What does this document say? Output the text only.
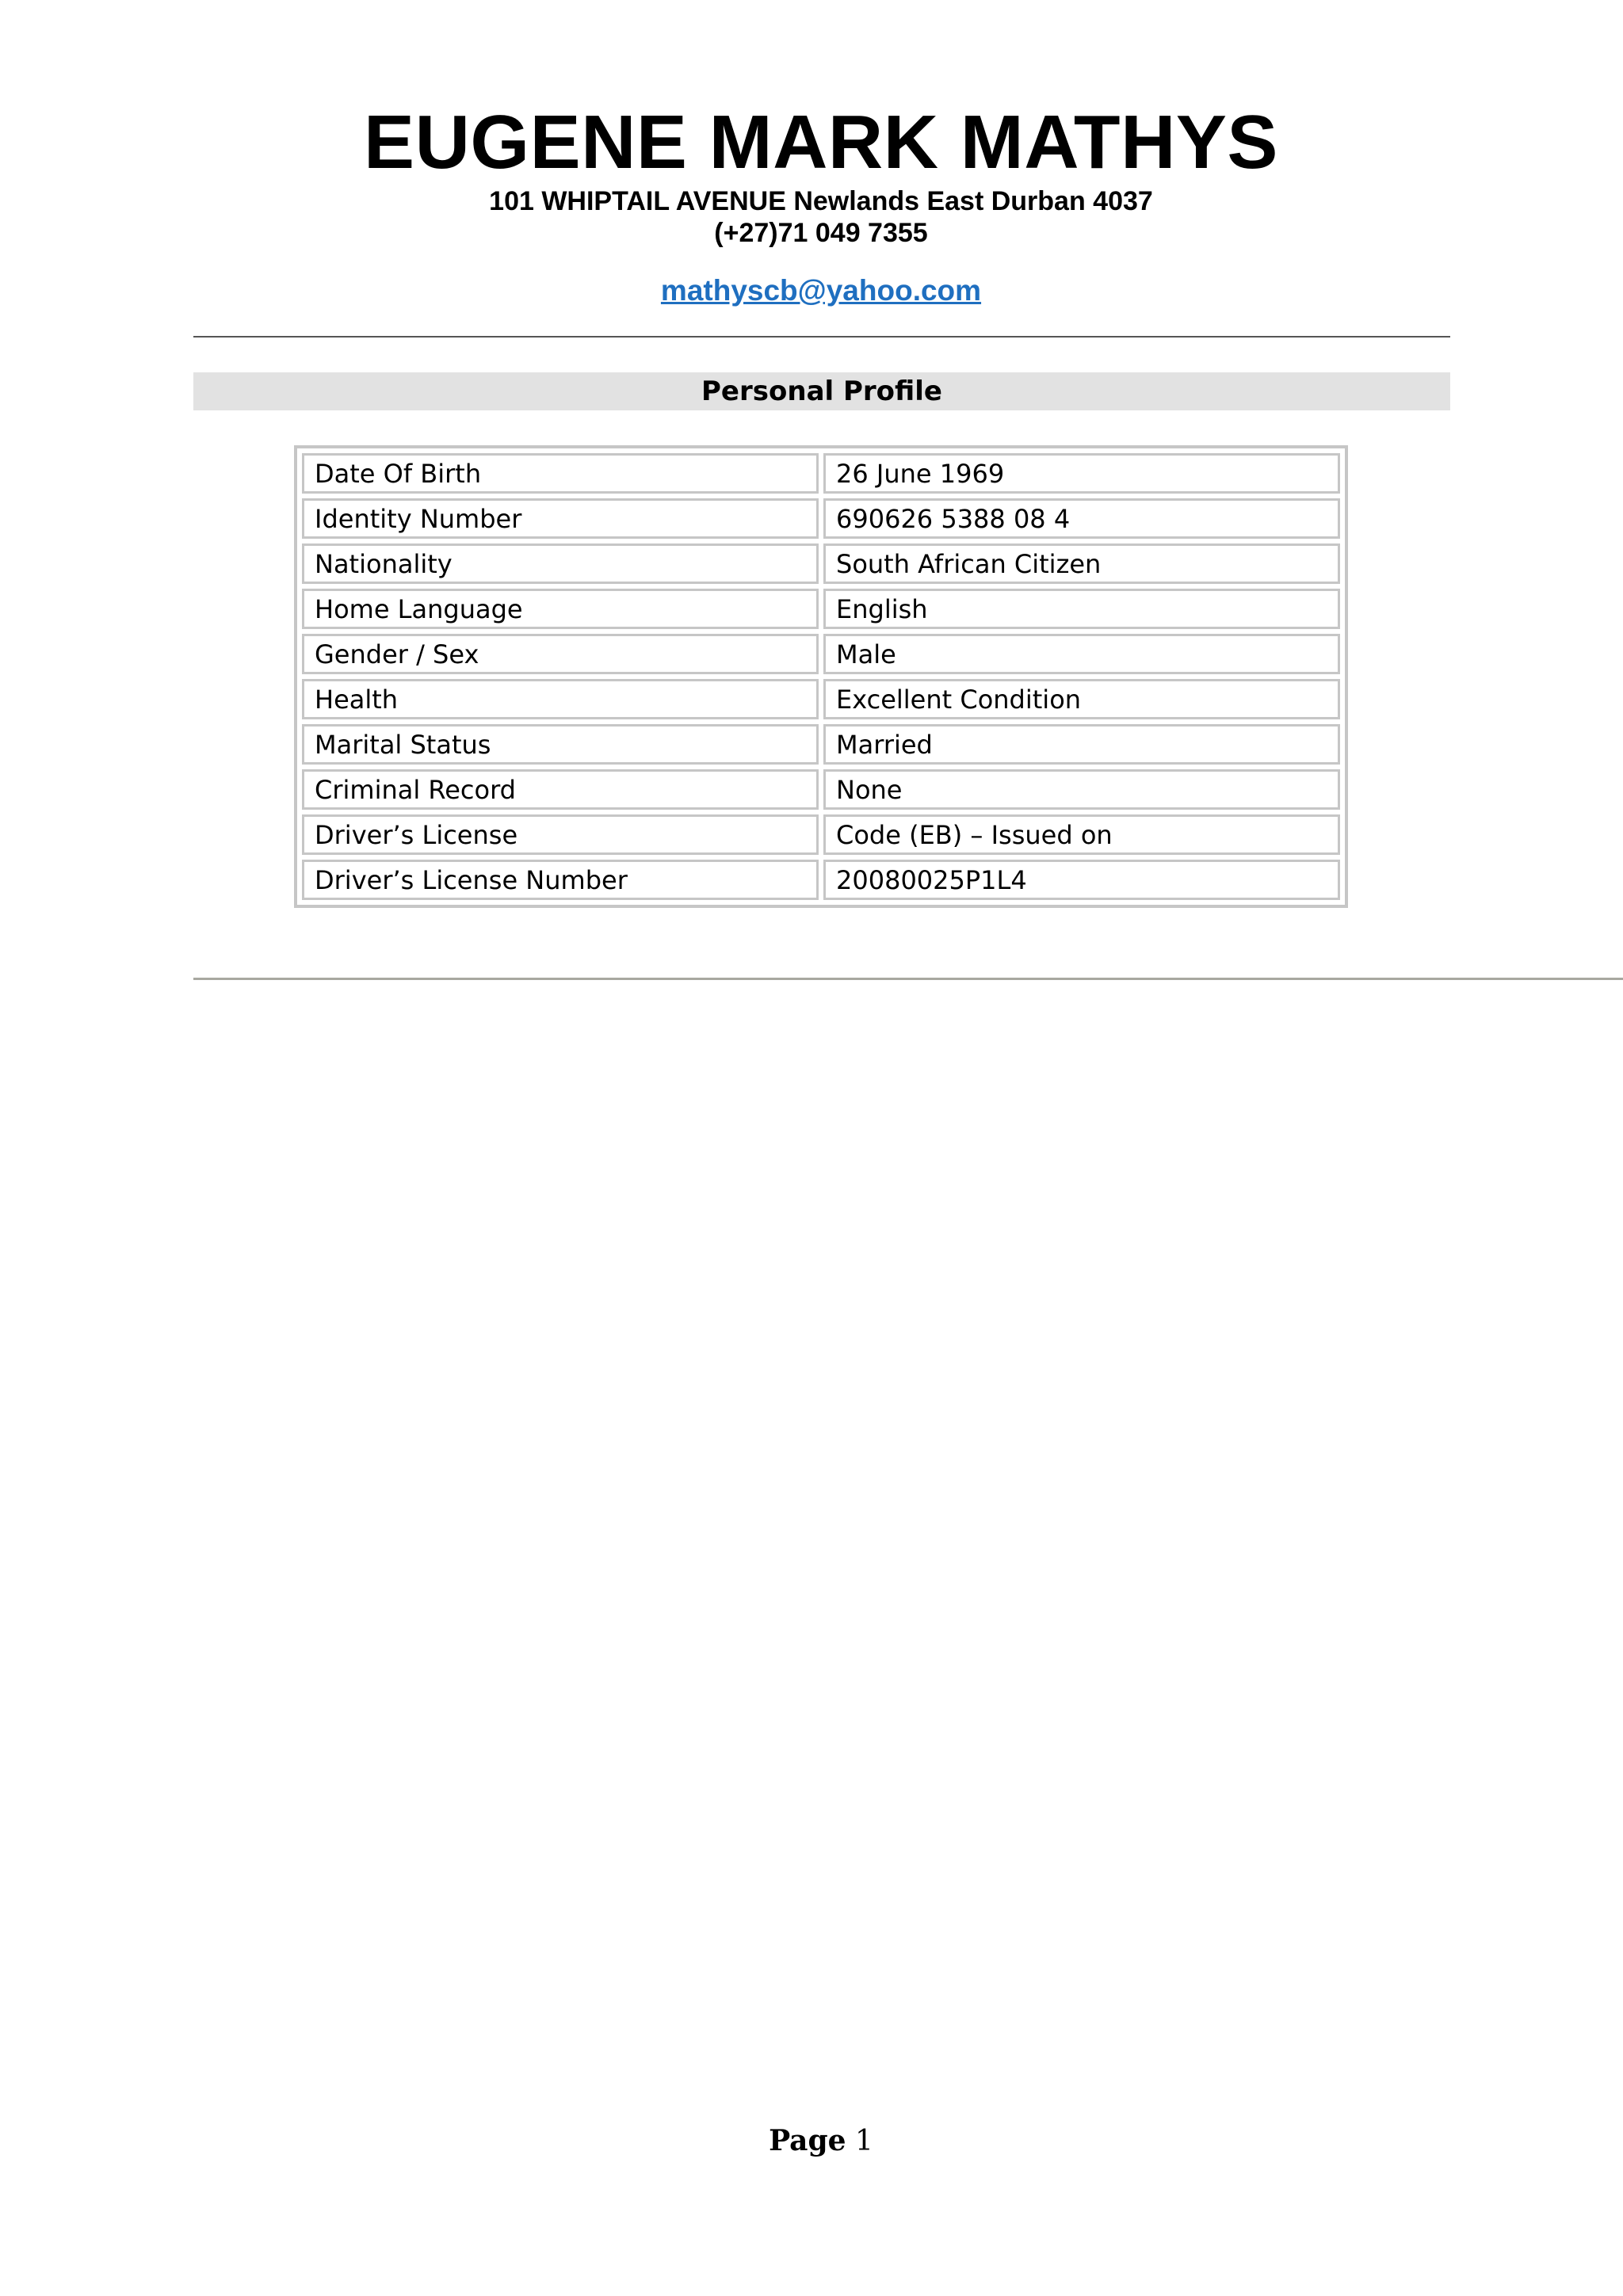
EUGENE MARK MATHYS
101 WHIPTAIL AVENUE Newlands East Durban 4037
(+27)71 049 7355
mathyscb@yahoo.com
Personal Profile
Date Of Birth	26 June 1969
Identity Number	690626 5388 08 4
Nationality	South African Citizen
Home Language	English
Gender / Sex	Male
Health	Excellent Condition
Marital Status	Married
Criminal Record	None
Driver’s License	Code (EB) – Issued on
Driver’s License Number	20080025P1L4
Page 1
